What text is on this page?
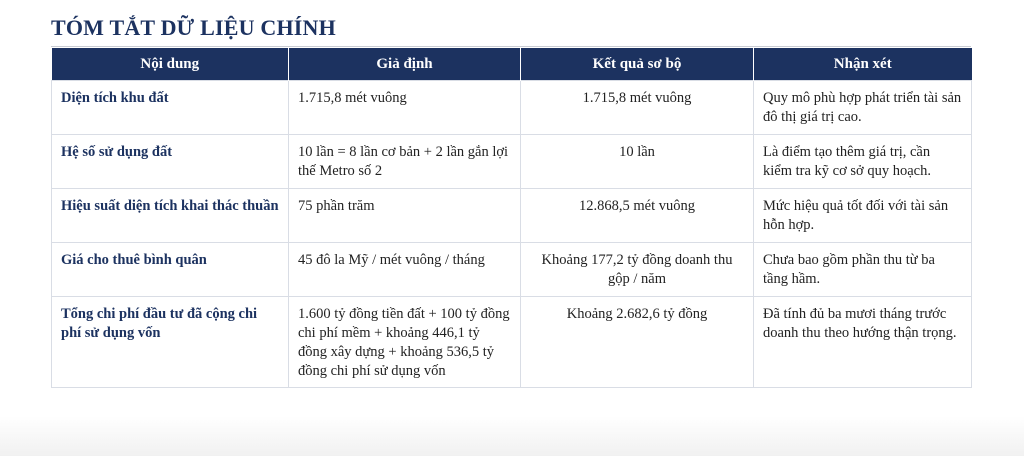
TÓM TẮT DỮ LIỆU CHÍNH
Nội dung	Giả định	Kết quả sơ bộ	Nhận xét
Diện tích khu đất	1.715,8 mét vuông	1.715,8 mét vuông	Quy mô phù hợp phát triển tài sản đô thị giá trị cao.
Hệ số sử dụng đất	10 lần = 8 lần cơ bản + 2 lần gắn lợi thế Metro số 2	10 lần	Là điểm tạo thêm giá trị, cần kiểm tra kỹ cơ sở quy hoạch.
Hiệu suất diện tích khai thác thuần	75 phần trăm	12.868,5 mét vuông	Mức hiệu quả tốt đối với tài sản hỗn hợp.
Giá cho thuê bình quân	45 đô la Mỹ / mét vuông / tháng	Khoảng 177,2 tỷ đồng doanh thu gộp / năm	Chưa bao gồm phần thu từ ba tầng hầm.
Tổng chi phí đầu tư đã cộng chi phí sử dụng vốn	1.600 tỷ đồng tiền đất + 100 tỷ đồng chi phí mềm + khoảng 446,1 tỷ đồng xây dựng + khoảng 536,5 tỷ đồng chi phí sử dụng vốn	Khoảng 2.682,6 tỷ đồng	Đã tính đủ ba mươi tháng trước doanh thu theo hướng thận trọng.
